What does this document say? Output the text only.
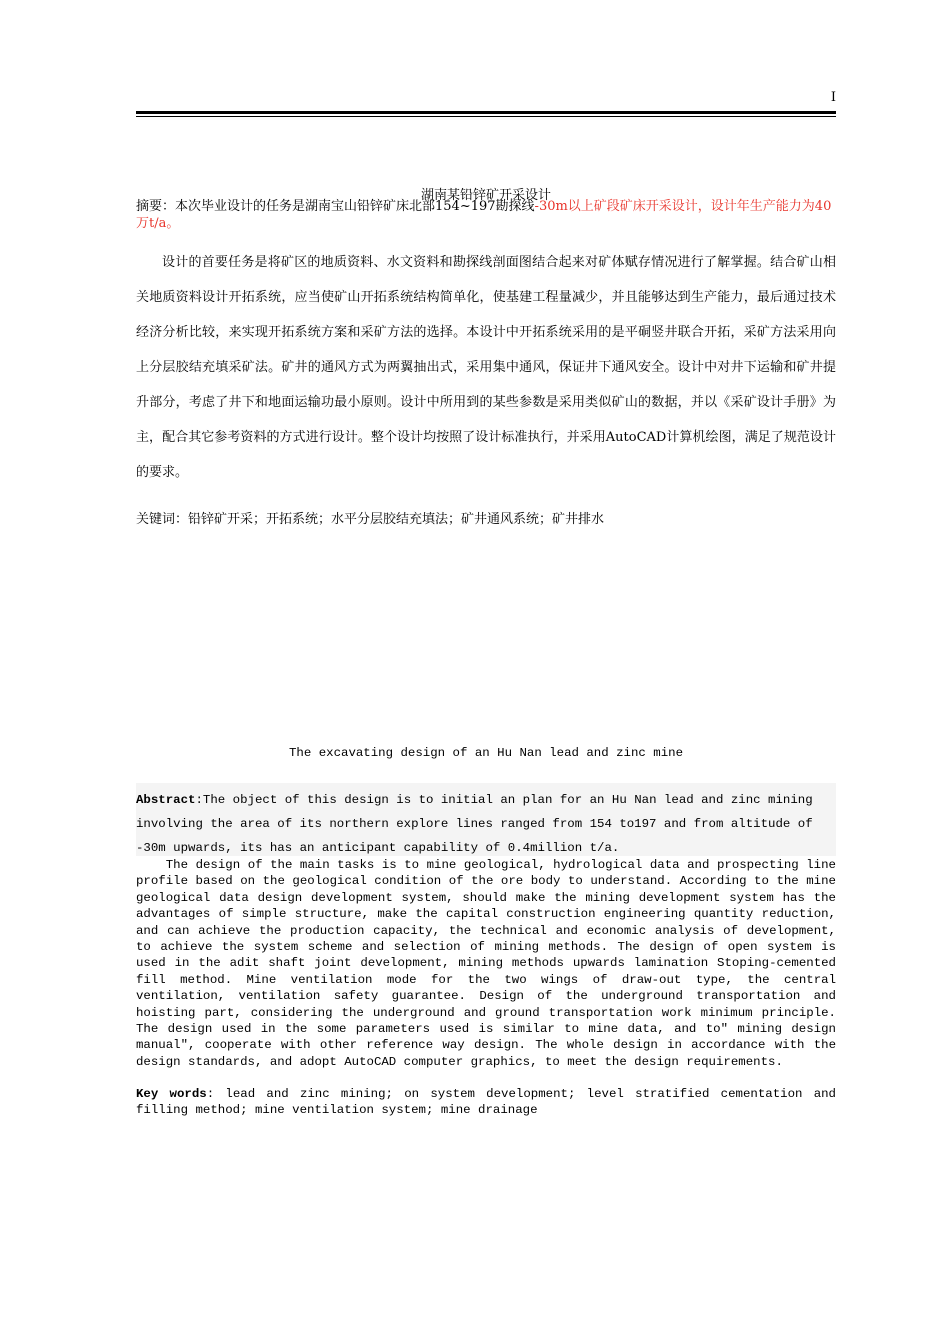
I
湖南某铅锌矿开采设计
摘要：本次毕业设计的任务是湖南宝山铅锌矿床北部154~197勘探线-30m以上矿段矿床开采设计，设计年生产能力为40万t/a。
设计的首要任务是将矿区的地质资料、水文资料和勘探线剖面图结合起来对矿体赋存情况进行了解掌握。结合矿山相关地质资料设计开拓系统，应当使矿山开拓系统结构简单化，使基建工程量减少，并且能够达到生产能力，最后通过技术经济分析比较，来实现开拓系统方案和采矿方法的选择。本设计中开拓系统采用的是平硐竖井联合开拓，采矿方法采用向上分层胶结充填采矿法。矿井的通风方式为两翼抽出式，采用集中通风，保证井下通风安全。设计中对井下运输和矿井提升部分，考虑了井下和地面运输功最小原则。设计中所用到的某些参数是采用类似矿山的数据，并以《采矿设计手册》为主，配合其它参考资料的方式进行设计。整个设计均按照了设计标准执行，并采用AutoCAD计算机绘图，满足了规范设计的要求。
关键词：铅锌矿开采；开拓系统；水平分层胶结充填法；矿井通风系统；矿井排水
The excavating design of an Hu Nan lead and zinc mine
Abstract:The object of this design is to initial an plan for an Hu Nan lead and zinc mining involving the area of its northern explore lines ranged from 154 to197 and from altitude of -30m upwards, its has an anticipant capability of 0.4million t/a.
The design of the main tasks is to mine geological, hydrological data and prospecting line profile based on the geological condition of the ore body to understand. According to the mine geological data design development system, should make the mining development system has the advantages of simple structure, make the capital construction engineering quantity reduction, and can achieve the production capacity, the technical and economic analysis of development, to achieve the system scheme and selection of mining methods. The design of open system is used in the adit shaft joint development, mining methods upwards lamination Stoping-cemented fill method. Mine ventilation mode for the two wings of draw-out type, the central ventilation, ventilation safety guarantee. Design of the underground transportation and hoisting part, considering the underground and ground transportation work minimum principle. The design used in the some parameters used is similar to mine data, and to" mining design manual", cooperate with other reference way design. The whole design in accordance with the design standards, and adopt AutoCAD computer graphics, to meet the design requirements.
Key words: lead and zinc mining; on system development; level stratified cementation and filling method; mine ventilation system; mine drainage
